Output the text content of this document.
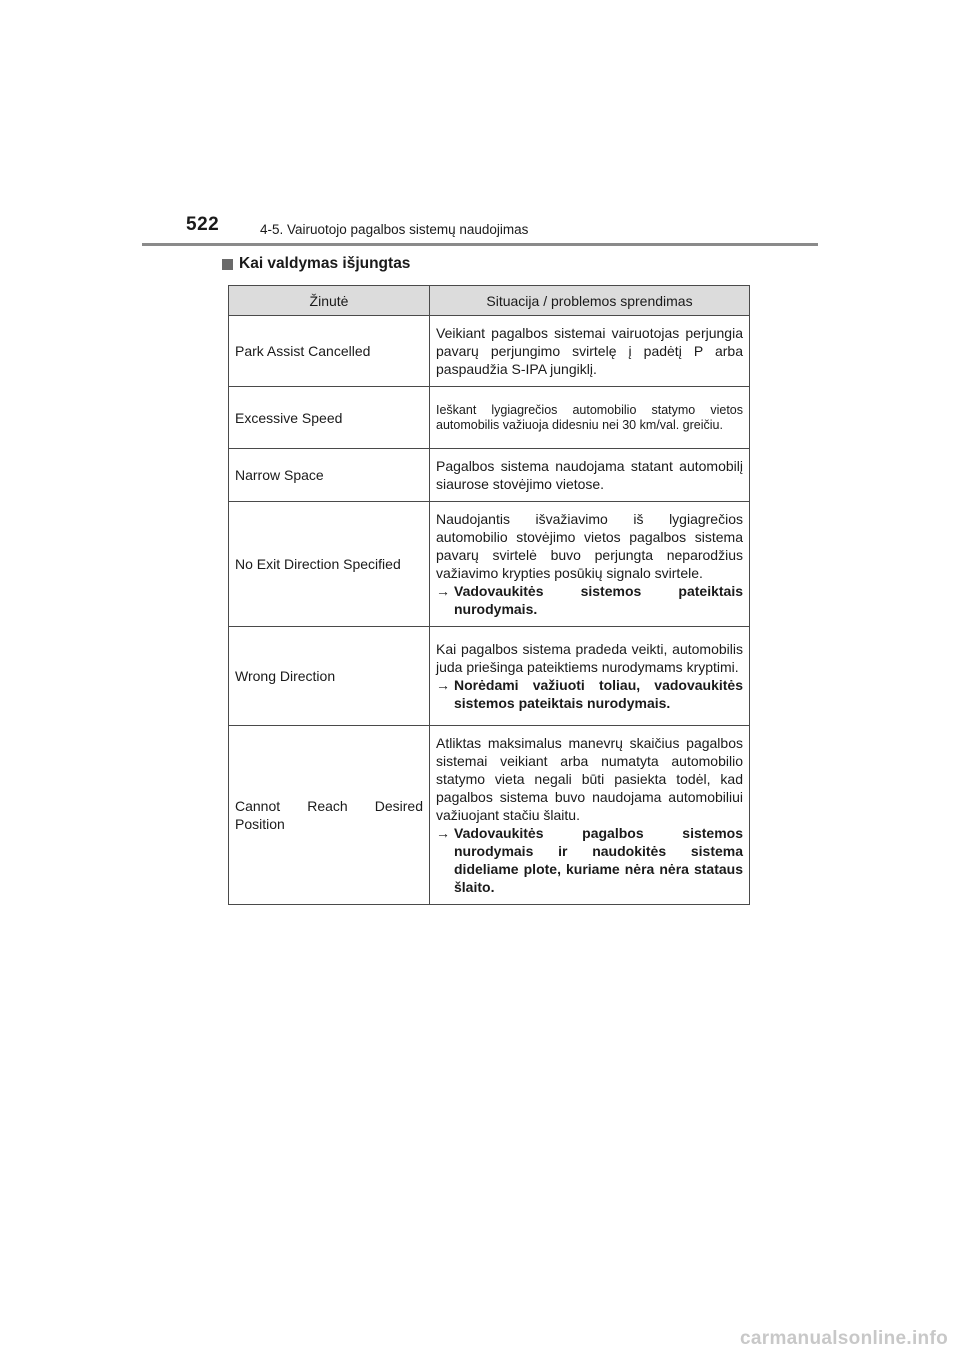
522	4-5. Vairuotojo pagalbos sistemų naudojimas
Kai valdymas išjungtas
Žinutė	Situacija / problemos sprendimas
Park Assist Cancelled	Veikiant pagalbos sistemai vairuotojas perjungia pavarų perjungimo svirtelę į padėtį P arba paspaudžia S-IPA jungiklį.

Excessive Speed	Ieškant lygiagrečios automobilio statymo vietos automobilis važiuoja didesniu nei 30 km/val. greičiu.

Narrow Space	Pagalbos sistema naudojama statant automobilį siaurose stovėjimo vietose.

No Exit Direction Specified	Naudojantis išvažiavimo iš lygiagrečios automobilio stovėjimo vietos pagalbos sistema pavarų svirtelė buvo perjungta neparodžius važiavimo krypties posūkių signalo svirtele.
→ Vadovaukitės sistemos pateiktais nurodymais.

Wrong Direction	Kai pagalbos sistema pradeda veikti, automobilis juda priešinga pateiktiems nurodymams kryptimi.
→ Norėdami važiuoti toliau, vadovaukitės sistemos pateiktais nurodymais.

Cannot Reach Desired Position	Atliktas maksimalus manevrų skaičius pagalbos sistemai veikiant arba numatyta automobilio statymo vieta negali būti pasiekta todėl, kad pagalbos sistema buvo naudojama automobiliui važiuojant stačiu šlaitu.
→ Vadovaukitės pagalbos sistemos nurodymais ir naudokitės sistema dideliame plote, kuriame nėra nėra stataus šlaito.
carmanualsonline.info
